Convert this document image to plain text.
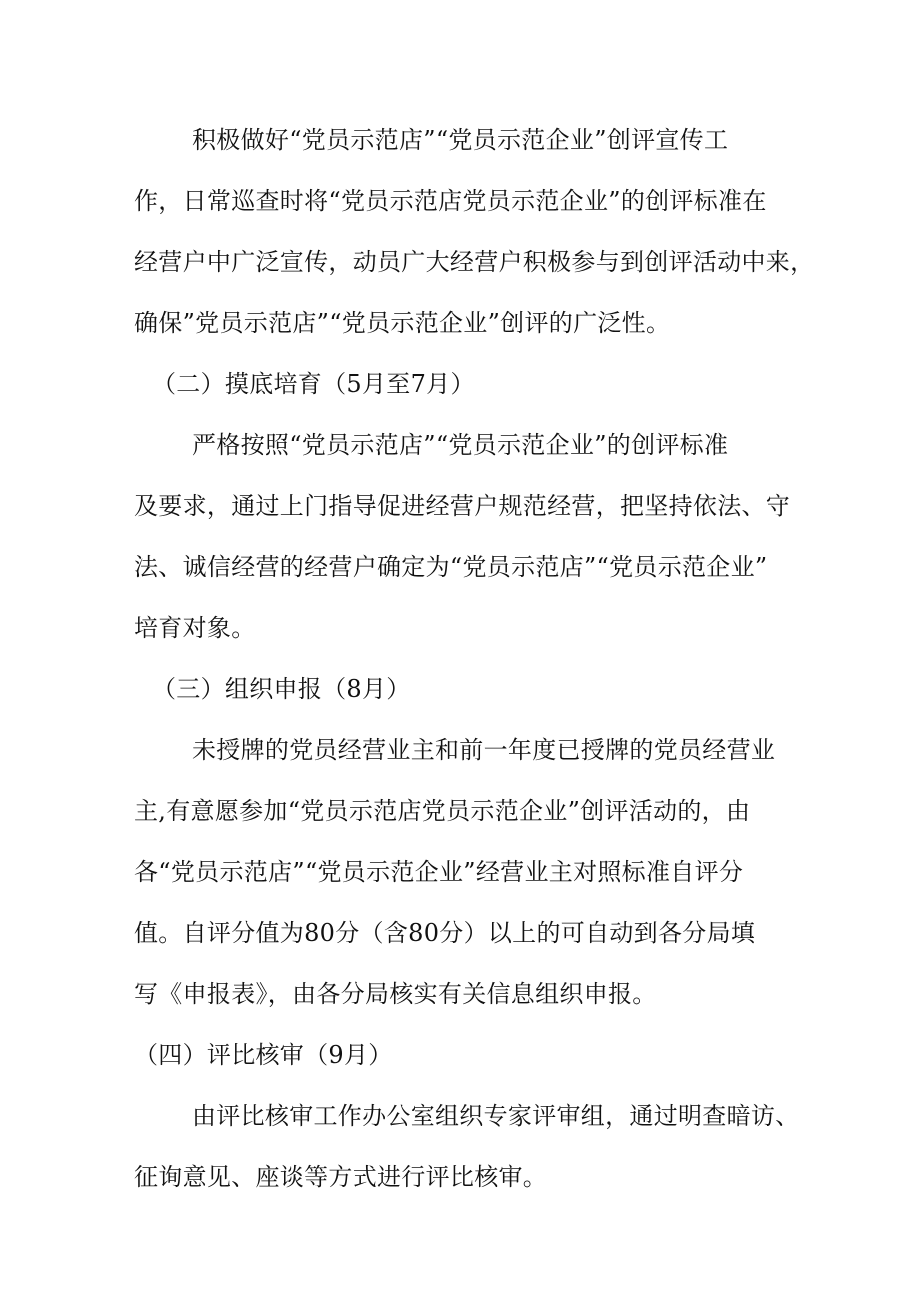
积极做好“党员示范店”“党员示范企业”创评宣传工
作，日常巡查时将“党员示范店党员示范企业”的创评标准在
经营户中广泛宣传，动员广大经营户积极参与到创评活动中来，
确保”党员示范店”“党员示范企业”创评的广泛性。
（二）摸底培育（5月至7月）
严格按照“党员示范店”“党员示范企业”的创评标准
及要求，通过上门指导促进经营户规范经营，把坚持依法、守
法、诚信经营的经营户确定为“党员示范店”“党员示范企业”
培育对象。
（三）组织申报（8月）
未授牌的党员经营业主和前一年度已授牌的党员经营业
主,有意愿参加“党员示范店党员示范企业”创评活动的，由
各“党员示范店”“党员示范企业”经营业主对照标准自评分
值。自评分值为80分（含80分）以上的可自动到各分局填
写《申报表》，由各分局核实有关信息组织申报。
（四）评比核审（9月）
由评比核审工作办公室组织专家评审组，通过明查暗访、
征询意见、座谈等方式进行评比核审。
